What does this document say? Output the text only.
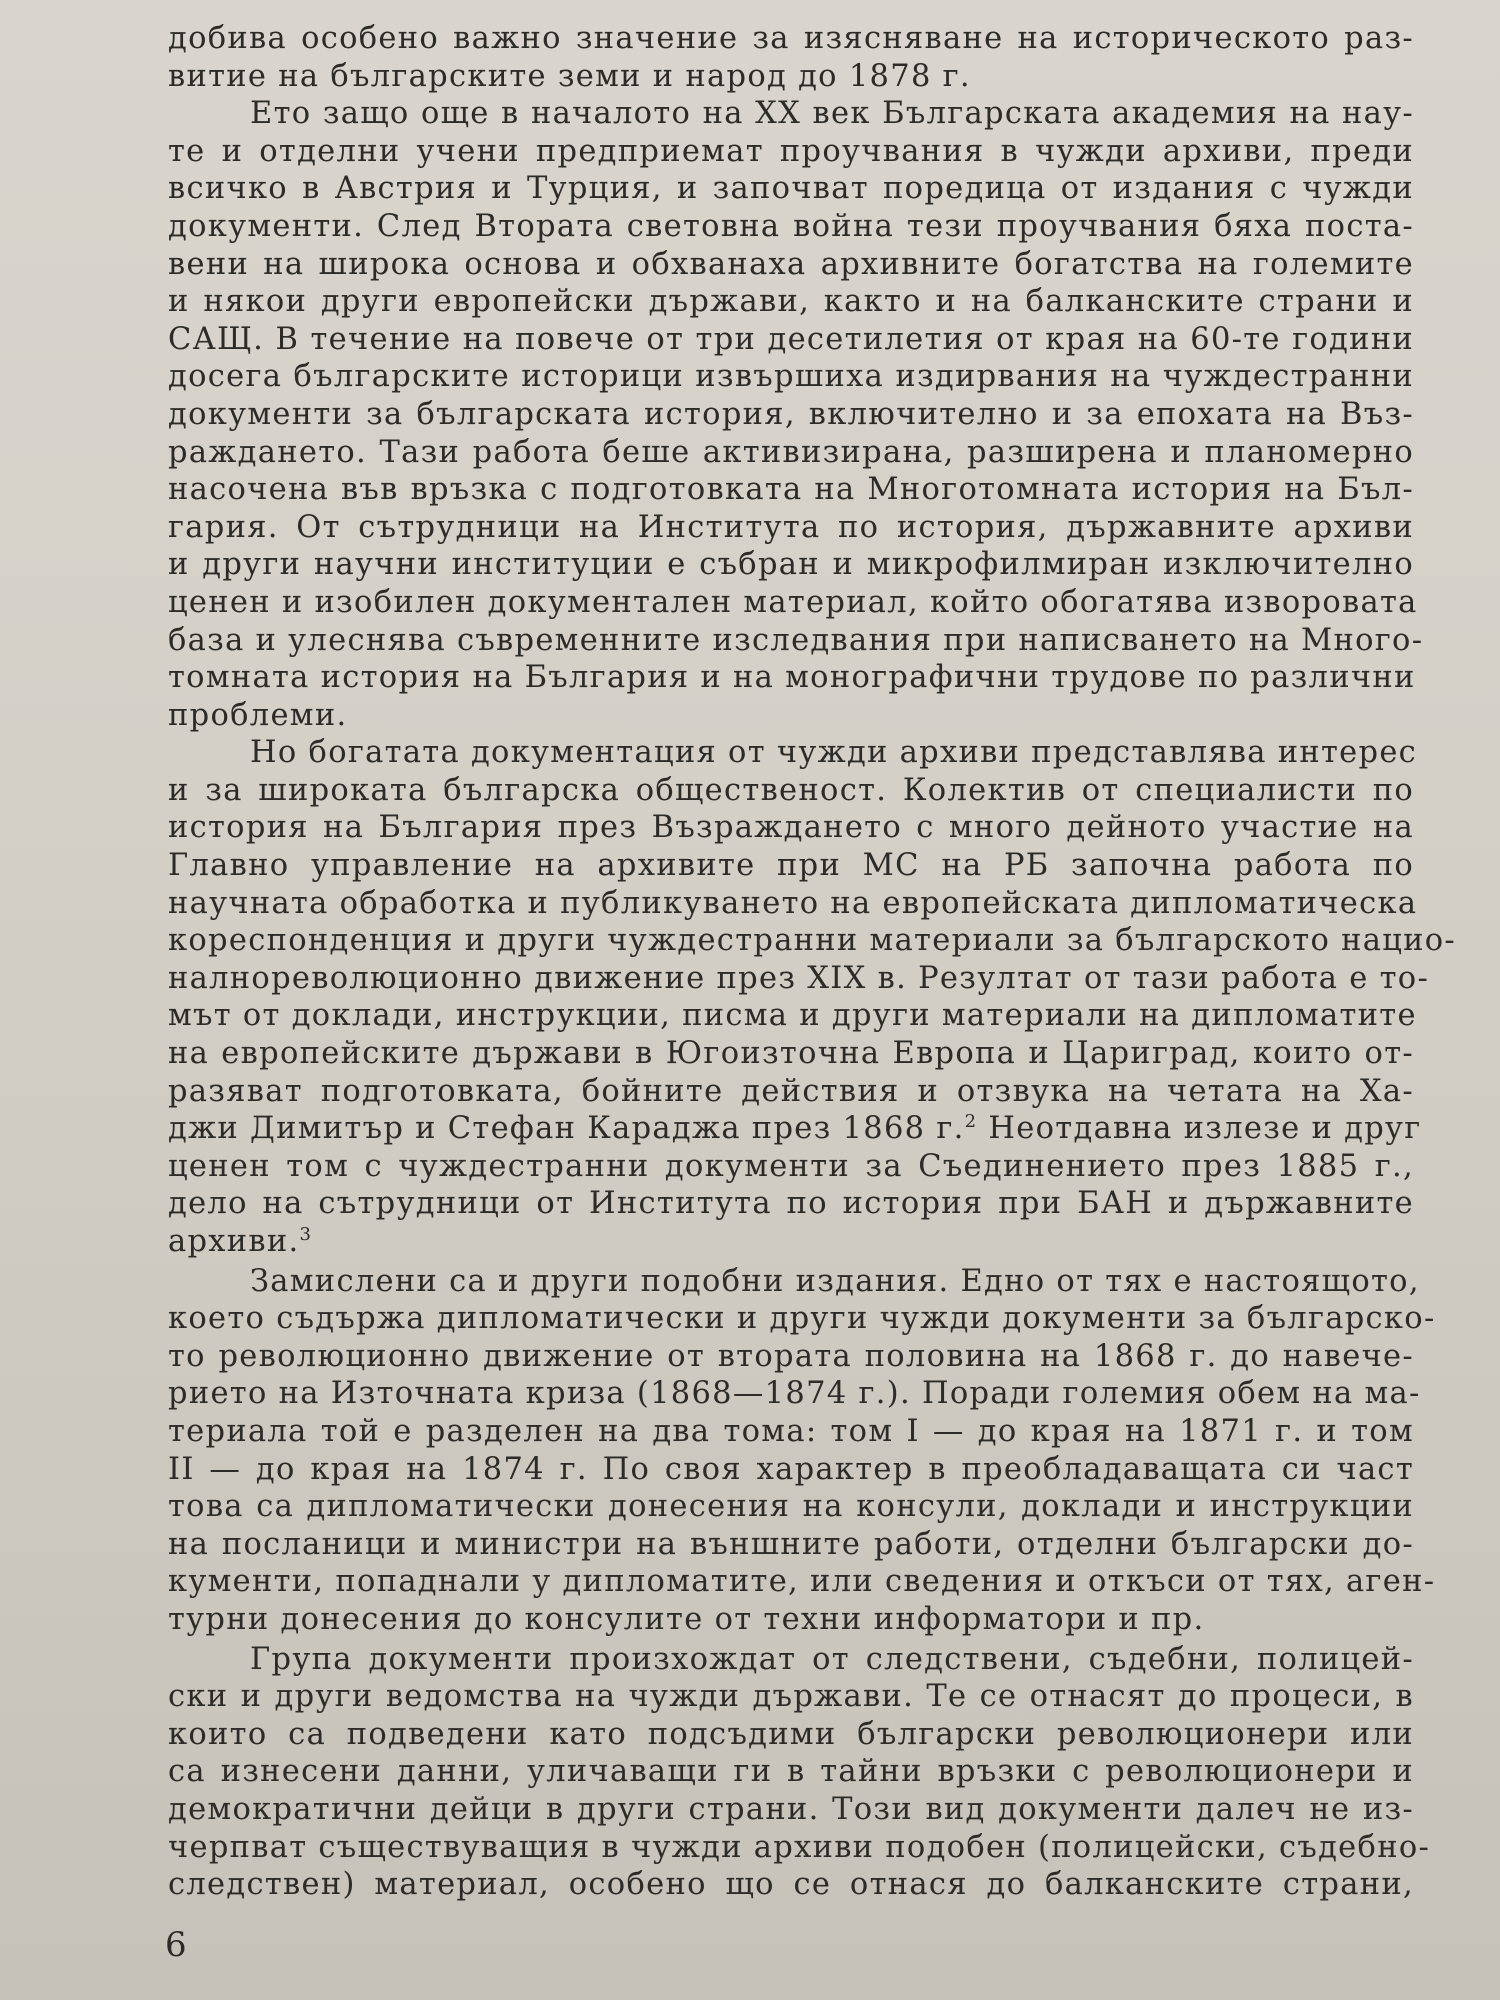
добива особено важно значение за изясняване на историческото раз-
витие на българските земи и народ до 1878 г.
Ето защо още в началото на XX век Българската академия на нау-
те и отделни учени предприемат проучвания в чужди архиви, преди
всичко в Австрия и Турция, и започват поредица от издания с чужди
документи. След Втората световна война тези проучвания бяха поста-
вени на широка основа и обхванаха архивните богатства на големите
и някои други европейски държави, както и на балканските страни и
САЩ. В течение на повече от три десетилетия от края на 60-те години
досега българските историци извършиха издирвания на чуждестранни
документи за българската история, включително и за епохата на Въз-
раждането. Тази работа беше активизирана, разширена и планомерно
насочена във връзка с подготовката на Многотомната история на Бъл-
гария. От сътрудници на Института по история, държавните архиви
и други научни институции е събран и микрофилмиран изключително
ценен и изобилен документален материал, който обогатява изворовата
база и улеснява съвременните изследвания при написването на Много-
томната история на България и на монографични трудове по различни
проблеми.
Но богатата документация от чужди архиви представлява интерес
и за широката българска общественост. Колектив от специалисти по
история на България през Възраждането с много дейното участие на
Главно управление на архивите при МС на РБ започна работа по
научната обработка и публикуването на европейската дипломатическа
кореспонденция и други чуждестранни материали за българското нацио-
налнореволюционно движение през XIX в. Резултат от тази работа е то-
мът от доклади, инструкции, писма и други материали на дипломатите
на европейските държави в Югоизточна Европа и Цариград, които от-
разяват подготовката, бойните действия и отзвука на четата на Ха-
джи Димитър и Стефан Караджа през 1868 г.$^2$ Неотдавна излезе и друг
ценен том с чуждестранни документи за Съединението през 1885 г.,
дело на сътрудници от Института по история при БАН и държавните
архиви.$^3$
Замислени са и други подобни издания. Едно от тях е настоящото,
което съдържа дипломатически и други чужди документи за българско-
то революционно движение от втората половина на 1868 г. до навече-
рието на Източната криза (1868—1874 г.). Поради големия обем на ма-
териала той е разделен на два тома: том I — до края на 1871 г. и том
II — до края на 1874 г. По своя характер в преобладаващата си част
това са дипломатически донесения на консули, доклади и инструкции
на посланици и министри на външните работи, отделни български до-
кументи, попаднали у дипломатите, или сведения и откъси от тях, аген-
турни донесения до консулите от техни информатори и пр.
Група документи произхождат от следствени, съдебни, полицей-
ски и други ведомства на чужди държави. Те се отнасят до процеси, в
които са подведени като подсъдими български революционери или
са изнесени данни, уличаващи ги в тайни връзки с революционери и
демократични дейци в други страни. Този вид документи далеч не из-
черпват съществуващия в чужди архиви подобен (полицейски, съдебно-
следствен) материал, особено що се отнася до балканските страни,
6
